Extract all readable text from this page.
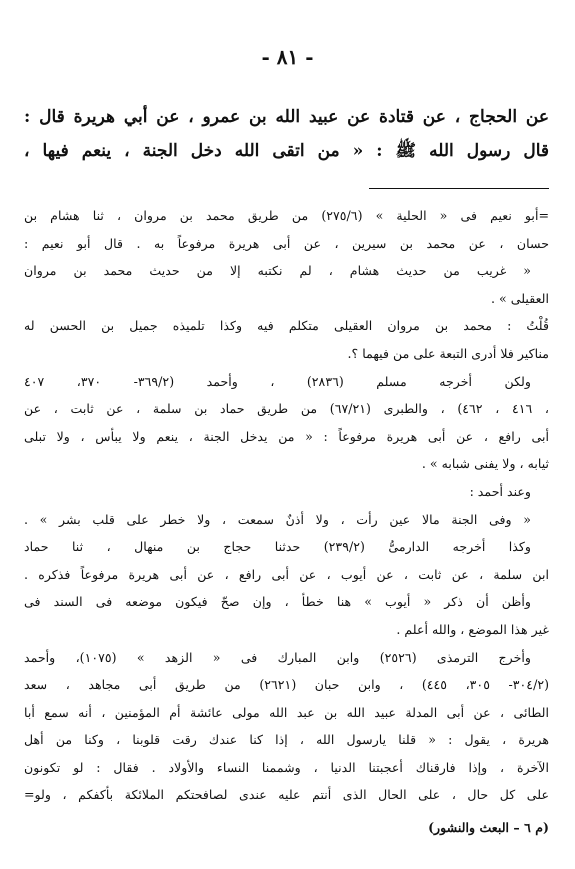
- ٨١ -
عن الحجاج ، عن قتادة عن عبيد الله بن عمرو ، عن أبي هريرة قال :
قال رسول الله ﷺ : « من اتقى الله دخل الجنة ، ينعم فيها ،
=أبو نعيم فى « الحلية » (٢٧٥/٦) من طريق محمد بن مروان ، ثنا هشام بن
حسان ، عن محمد بن سيرين ، عن أبى هريرة مرفوعاً به . قال أبو نعيم :
« غريب من حديث هشام ، لم نكتبه إلا من حديث محمد بن مروان
العقيلى » .
قُلْتُ : محمد بن مروان العقيلى متكلم فيه وكذا تلميذه جميل بن الحسن له
مناكير فلا أدرى التبعة على من فيهما ؟.
ولكن أخرجه مسلم (٢٨٣٦) ، وأحمد (٣٦٩/٢- ٣٧٠، ٤٠٧
، ٤١٦ ، ٤٦٢) ، والطبرى (٦٧/٢١) من طريق حماد بن سلمة ، عن ثابت ، عن
أبى رافع ، عن أبى هريرة مرفوعاً : « من يدخل الجنة ، ينعم ولا يبأس ، ولا تبلى
ثيابه ، ولا يفنى شبابه » .
وعند أحمد :
« وفى الجنة مالا عين رأت ، ولا أذنٌ سمعت ، ولا خطر على قلب بشر » .
وكذا أخرجه الدارمىُّ (٢٣٩/٢) حدثنا حجاج بن منهال ، ثنا حماد
ابن سلمة ، عن ثابت ، عن أيوب ، عن أبى رافع ، عن أبى هريرة مرفوعاً فذكره .
وأظن أن ذكر « أيوب » هنا خطأ ، وإن صحّ فيكون موضعه فى السند فى
غير هذا الموضع ، والله أعلم .
وأخرج الترمذى (٢٥٢٦) وابن المبارك فى « الزهد » (١٠٧٥)، وأحمد
(٣٠٤/٢- ٣٠٥، ٤٤٥) ، وابن حبان (٢٦٢١) من طريق أبى مجاهد ، سعد
الطائى ، عن أبى المدلة عبيد الله بن عبد الله مولى عائشة أم المؤمنين ، أنه سمع أبا
هريرة ، يقول : « قلنا يارسول الله ، إذا كنا عندك رقت قلوبنا ، وكنا من أهل
الآخرة ، وإذا فارقناك أعجبتنا الدنيا ، وشممنا النساء والأولاد . فقال : لو تكونون
على كل حال ، على الحال الذى أنتم عليه عندى لصافحتكم الملائكة بأكفكم ، ولو=
(م ٦ – البعث والنشور)
